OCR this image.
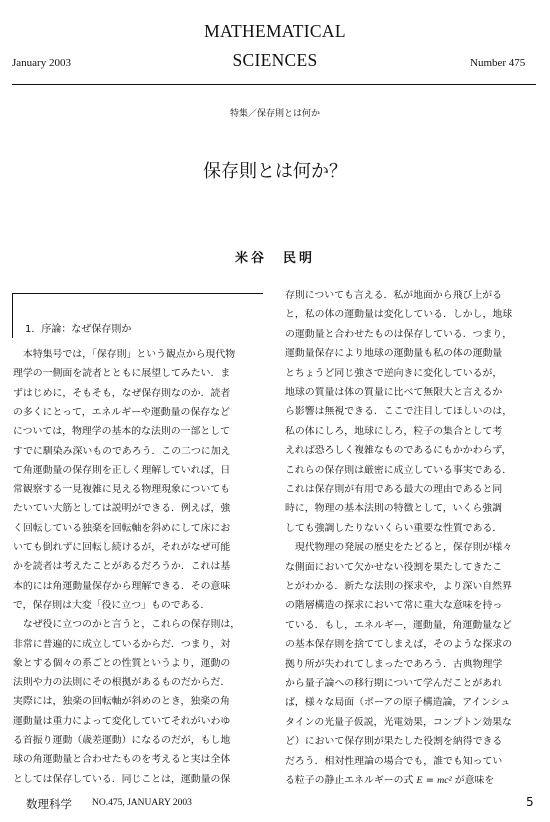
MATHEMATICAL
SCIENCES
January 2003	Number 475
特集／保存則とは何か
保存則とは何か？
米谷　民明
1．序論：なぜ保存則か
　本特集号では，「保存則」という観点から現代物
理学の一側面を読者とともに展望してみたい．ま
ずはじめに，そもそも，なぜ保存則なのか．読者
の多くにとって，エネルギーや運動量の保存など
については，物理学の基本的な法則の一部として
すでに馴染み深いものであろう．この二つに加え
て角運動量の保存則を正しく理解していれば，日
常観察する一見複雑に見える物理現象についても
たいてい大筋としては説明ができる．例えば，強
く回転している独楽を回転軸を斜めにして床にお
いても倒れずに回転し続けるが，それがなぜ可能
かを読者は考えたことがあるだろうか．これは基
本的には角運動量保存から理解できる．その意味
で，保存則は大変「役に立つ」ものである．
　なぜ役に立つのかと言うと，これらの保存則は，
非常に普遍的に成立しているからだ．つまり，対
象とする個々の系ごとの性質というより，運動の
法則や力の法則にその根拠があるものだからだ．
実際には，独楽の回転軸が斜めのとき，独楽の角
運動量は重力によって変化していてそれがいわゆ
る首振り運動（歳差運動）になるのだが，もし地
球の角運動量と合わせたものを考えると実は全体
としては保存している．同じことは，運動量の保
存則についても言える．私が地面から飛び上がる
と，私の体の運動量は変化している．しかし，地球
の運動量と合わせたものは保存している．つまり，
運動量保存により地球の運動量も私の体の運動量
とちょうど同じ強さで逆向きに変化しているが，
地球の質量は体の質量に比べて無限大と言えるか
ら影響は無視できる．ここで注目してほしいのは，
私の体にしろ，地球にしろ，粒子の集合として考
えれば恐ろしく複雑なものであるにもかかわらず，
これらの保存則は厳密に成立している事実である．
これは保存則が有用である最大の理由であると同
時に，物理の基本法則の特徴として，いくら強調
しても強調したりないくらい重要な性質である．
　現代物理の発展の歴史をたどると，保存則が様々
な側面において欠かせない役割を果たしてきたこ
とがわかる．新たな法則の探求や，より深い自然界
の階層構造の探求において常に重大な意味を持っ
ている．もし，エネルギー，運動量，角運動量など
の基本保存則を捨ててしまえば，そのような探求の
拠り所が失われてしまったであろう．古典物理学
から量子論への移行期について学んだことがあれ
ば，様々な局面（ボーアの原子構造論，アインシュ
タインの光量子仮説，光電効果，コンプトン効果な
ど）において保存則が果たした役割を納得できる
だろう．相対性理論の場合でも，誰でも知ってい
る粒子の静止エネルギーの式 E = mc² が意味を
数理科学 NO.475, JANUARY 2003	5
